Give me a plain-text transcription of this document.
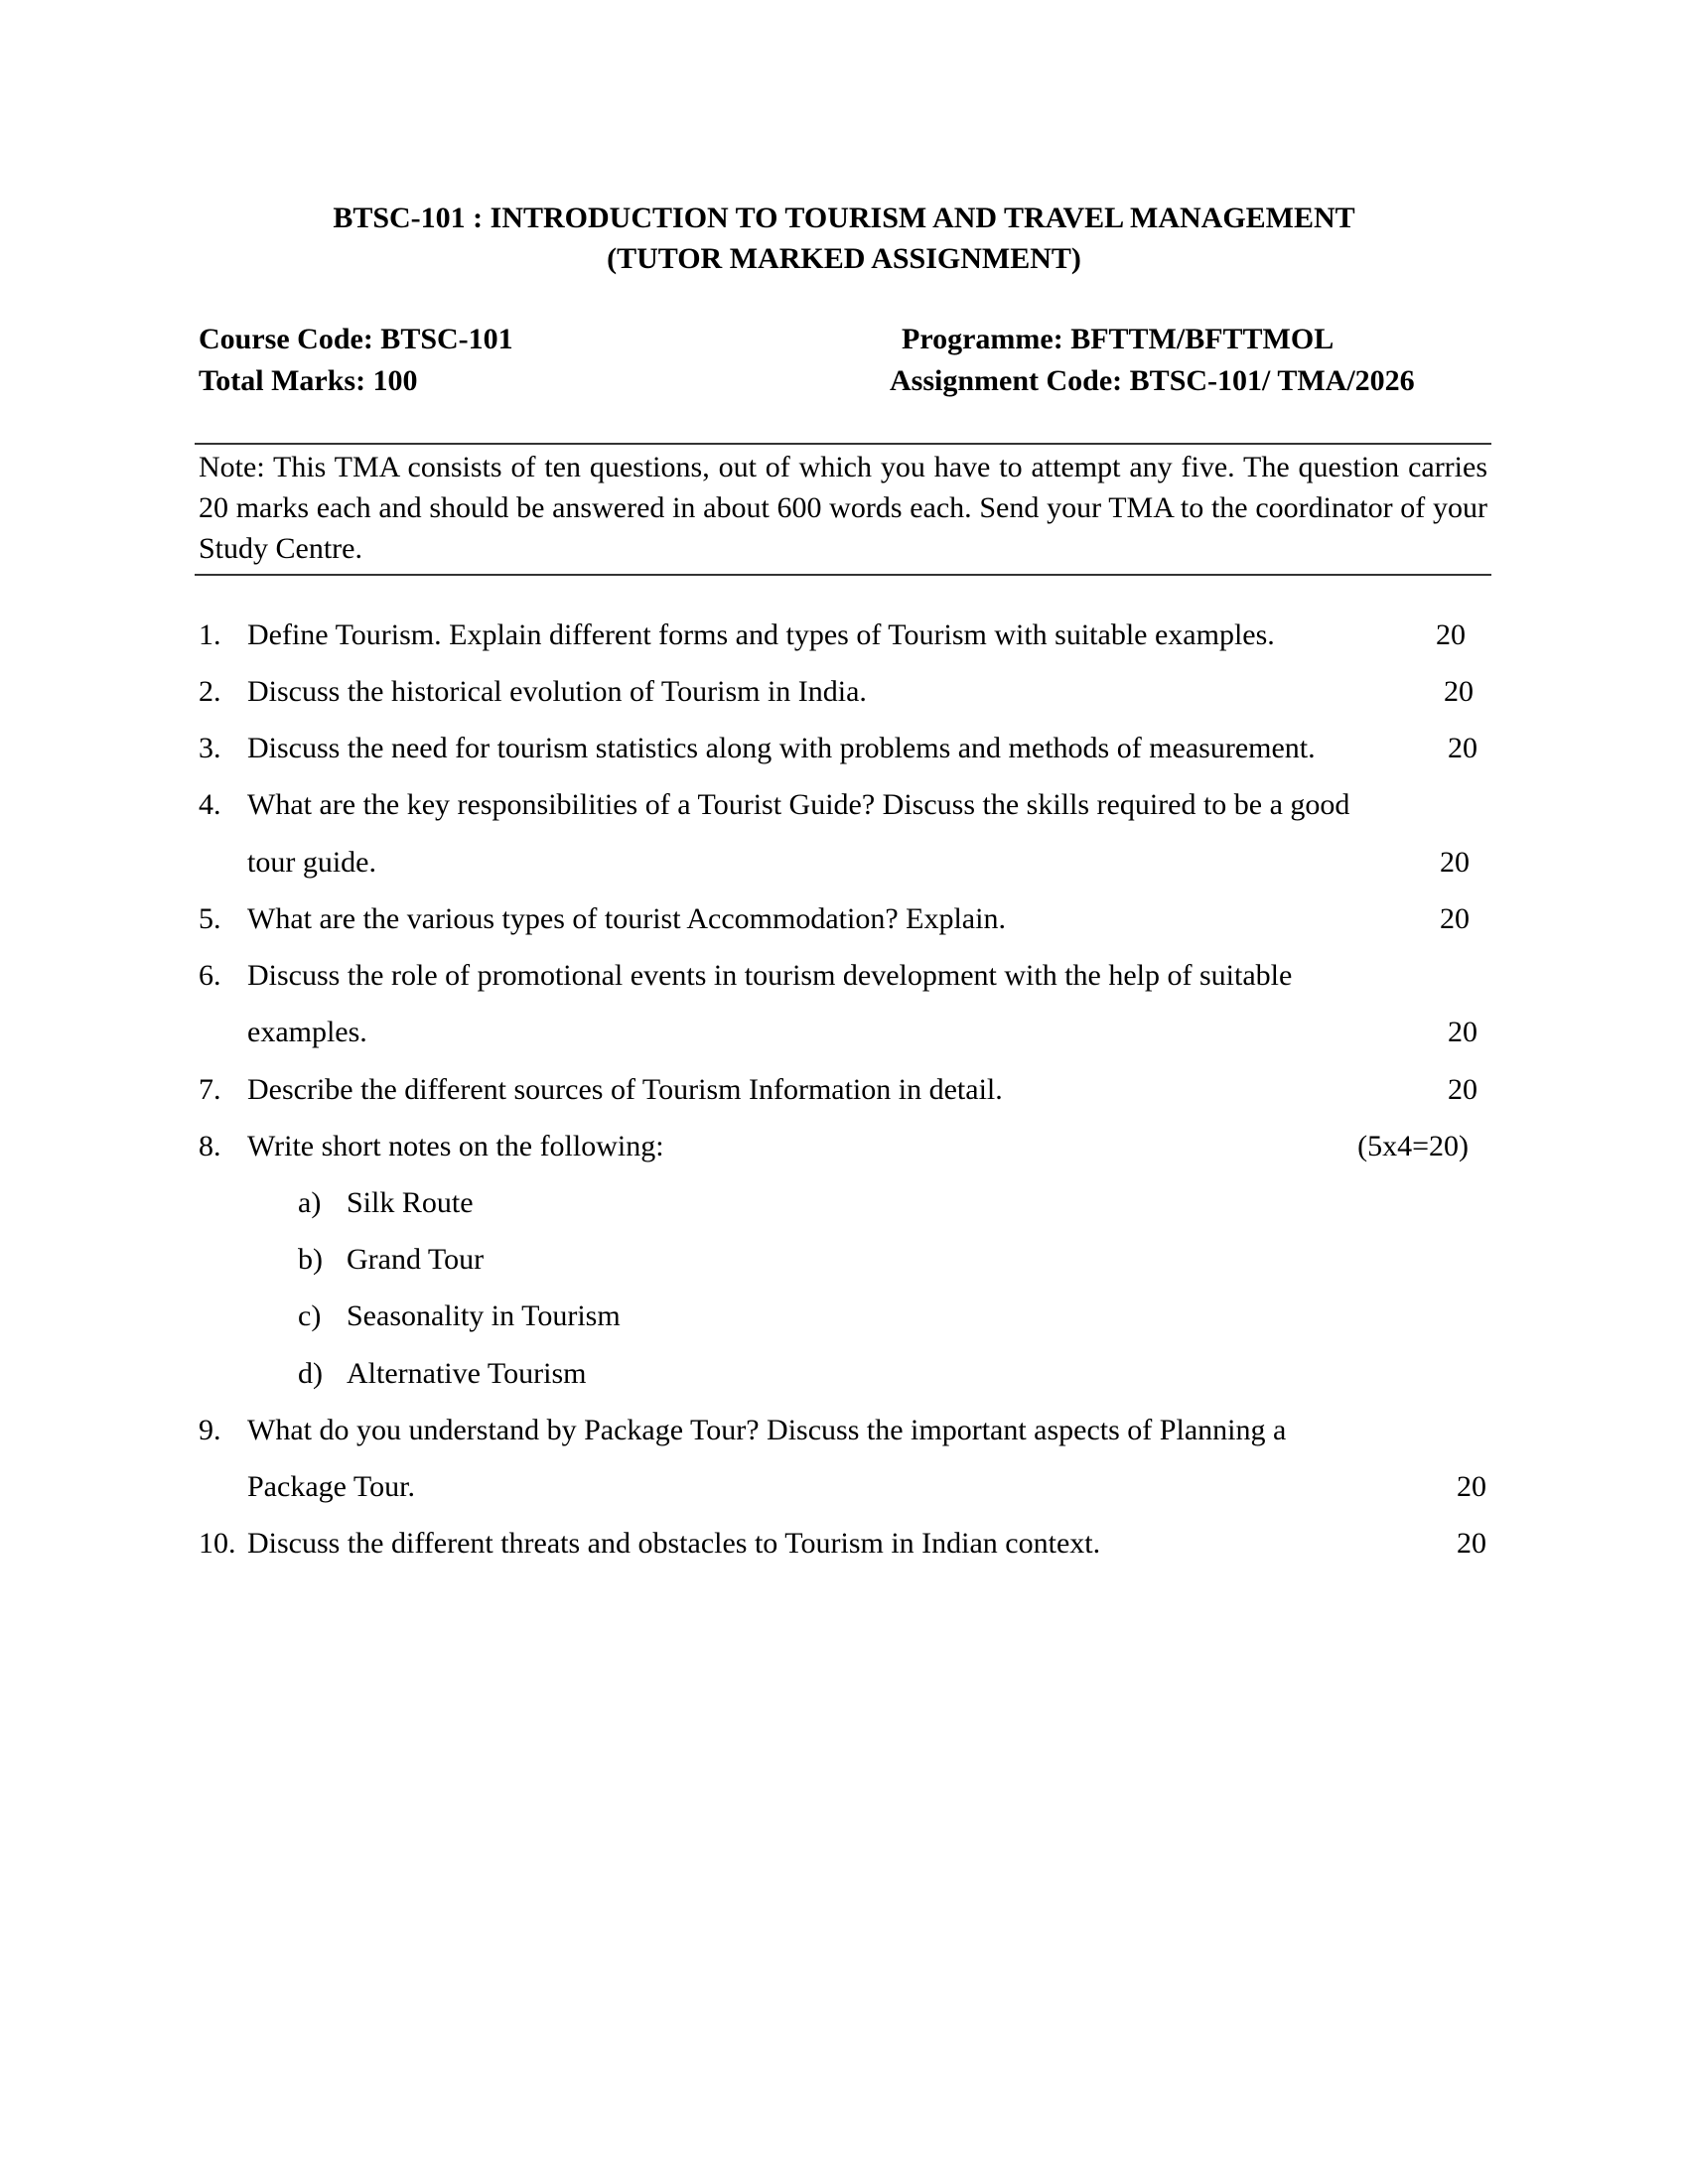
BTSC-101 : INTRODUCTION TO TOURISM AND TRAVEL MANAGEMENT
(TUTOR MARKED ASSIGNMENT)
Course Code: BTSC-101
Total Marks: 100
Programme: BFTTM/BFTTMOL
Assignment Code: BTSC-101/ TMA/2026
Note: This TMA consists of ten questions, out of which you have to attempt any five. The question carries 20 marks each and should be answered in about 600 words each. Send your TMA to the coordinator of your Study Centre.
1. Define Tourism. Explain different forms and types of Tourism with suitable examples.	20
2. Discuss the historical evolution of Tourism in India.	20
3. Discuss the need for tourism statistics along with problems and methods of measurement.	20
4. What are the key responsibilities of a Tourist Guide? Discuss the skills required to be a good
tour guide.	20
5. What are the various types of tourist Accommodation? Explain.	20
6. Discuss the role of promotional events in tourism development with the help of suitable
examples.	20
7. Describe the different sources of Tourism Information in detail.	20
8. Write short notes on the following:	(5x4=20)
a) Silk Route
b) Grand Tour
c) Seasonality in Tourism
d) Alternative Tourism
9. What do you understand by Package Tour? Discuss the important aspects of Planning a
Package Tour.	20
10. Discuss the different threats and obstacles to Tourism in Indian context.	20
